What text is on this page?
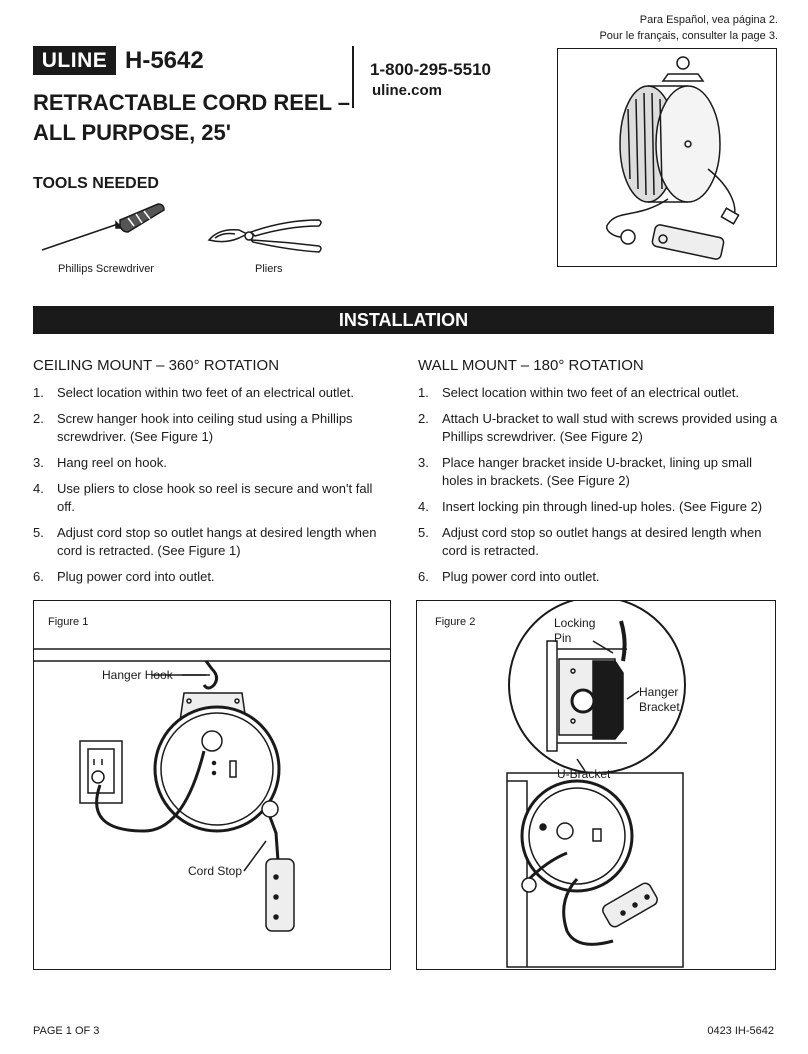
Para Español, vea página 2.
Pour le français, consulter la page 3.
ULINE H-5642
RETRACTABLE CORD REEL –
ALL PURPOSE, 25'
1-800-295-5510
uline.com
TOOLS NEEDED
Phillips Screwdriver	Pliers
INSTALLATION
CEILING MOUNT – 360° ROTATION
1.	Select location within two feet of an electrical outlet.
2.	Screw hanger hook into ceiling stud using a Phillips screwdriver. (See Figure 1)
3.	Hang reel on hook.
4.	Use pliers to close hook so reel is secure and won't fall off.
5.	Adjust cord stop so outlet hangs at desired length when cord is retracted. (See Figure 1)
6.	Plug power cord into outlet.
WALL MOUNT – 180° ROTATION
1.	Select location within two feet of an electrical outlet.
2.	Attach U-bracket to wall stud with screws provided using a Phillips screwdriver. (See Figure 2)
3.	Place hanger bracket inside U-bracket, lining up small holes in brackets. (See Figure 2)
4.	Insert locking pin through lined-up holes. (See Figure 2)
5.	Adjust cord stop so outlet hangs at desired length when cord is retracted.
6.	Plug power cord into outlet.
Figure 1
Hanger Hook
Cord Stop
Figure 2	Locking
Pin
Hanger
Bracket
U-Bracket
PAGE 1 OF 3	0423 IH-5642
